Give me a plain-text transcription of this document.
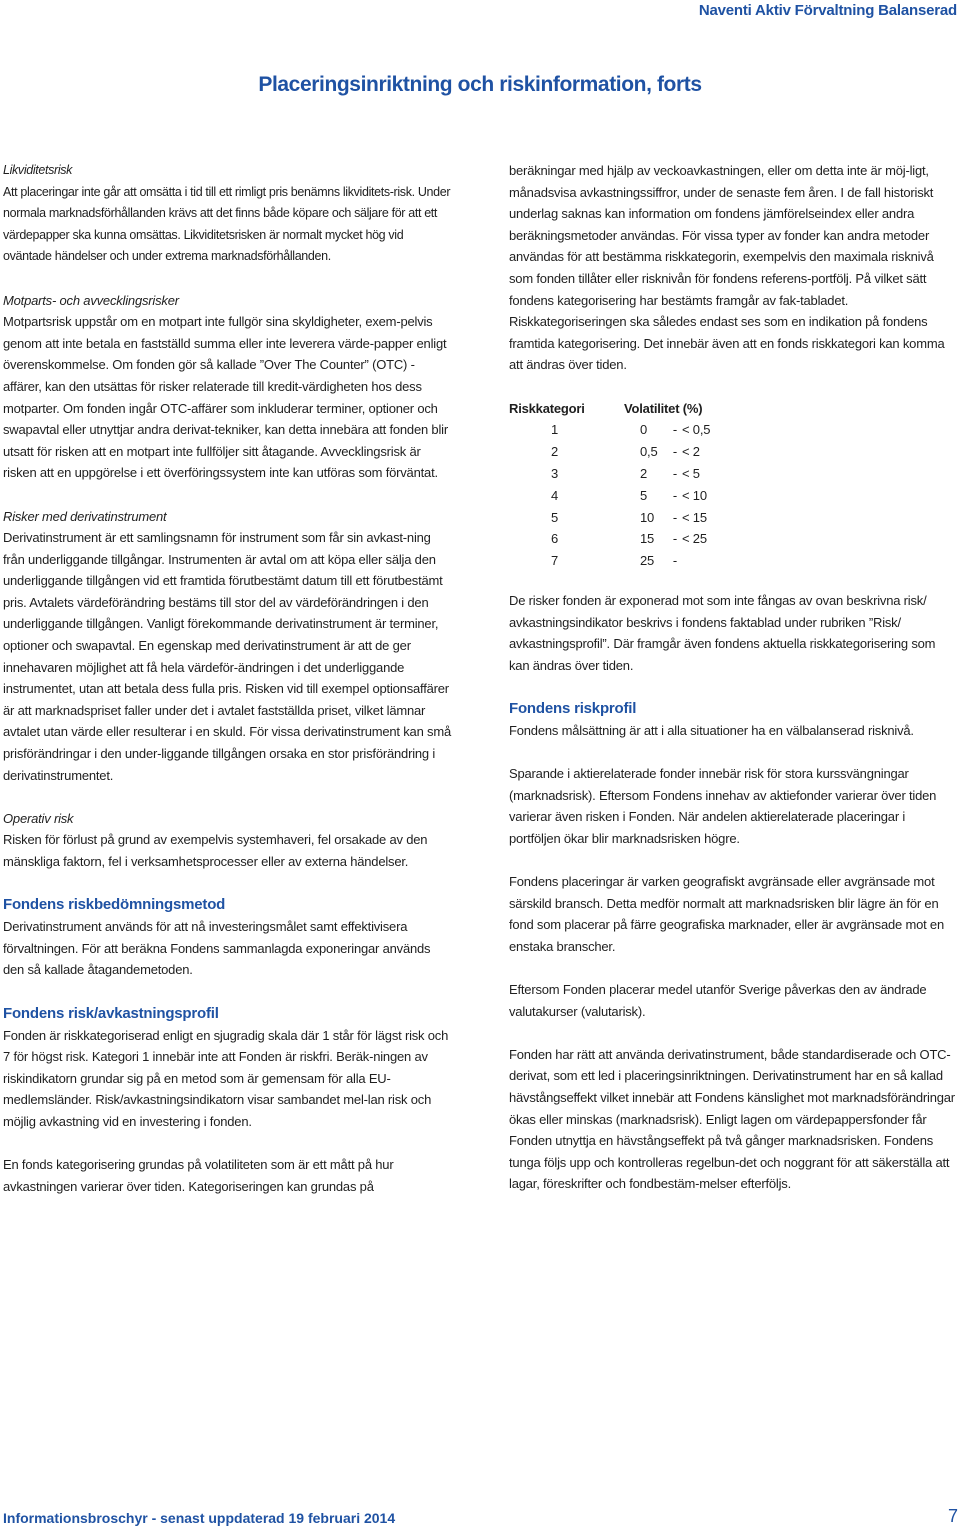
Naventi Aktiv Förvaltning Balanserad
Placeringsinriktning och riskinformation, forts
Likviditetsrisk
Att placeringar inte går att omsätta i tid till ett rimligt pris benämns likviditets-risk. Under normala marknadsförhållanden krävs att det finns både köpare och säljare för att ett värdepapper ska kunna omsättas. Likviditetsrisken är normalt mycket hög vid oväntade händelser och under extrema marknadsförhållanden.
Motparts- och avvecklingsrisker
Motpartsrisk uppstår om en motpart inte fullgör sina skyldigheter, exem-pelvis genom att inte betala en fastställd summa eller inte leverera värde-papper enligt överenskommelse. Om fonden gör så kallade ”Over The Counter” (OTC) -affärer, kan den utsättas för risker relaterade till kredit-värdigheten hos dess motparter. Om fonden ingår OTC-affärer som inkluderar terminer, optioner och swapavtal eller utnyttjar andra derivat-tekniker, kan detta innebära att fonden blir utsatt för risken att en motpart inte fullföljer sitt åtagande. Avvecklingsrisk är risken att en uppgörelse i ett överföringssystem inte kan utföras som förväntat.
Risker med derivatinstrument
Derivatinstrument är ett samlingsnamn för instrument som får sin avkast-ning från underliggande tillgångar. Instrumenten är avtal om att köpa eller sälja den underliggande tillgången vid ett framtida förutbestämt datum till ett förutbestämt pris. Avtalets värdeförändring bestäms till stor del av värdeförändringen i den underliggande tillgången. Vanligt förekommande derivatinstrument är terminer, optioner och swapavtal. En egenskap med derivatinstrument är att de ger innehavaren möjlighet att få hela värdeför-ändringen i det underliggande instrumentet, utan att betala dess fulla pris. Risken vid till exempel optionsaffärer är att marknadspriset faller under det i avtalet fastställda priset, vilket lämnar avtalet utan värde eller resulterar i en skuld. För vissa derivatinstrument kan små prisförändringar i den under-liggande tillgången orsaka en stor prisförändring i derivatinstrumentet.
Operativ risk
Risken för förlust på grund av exempelvis systemhaveri, fel orsakade av den mänskliga faktorn, fel i verksamhetsprocesser eller av externa händelser.
Fondens riskbedömningsmetod
Derivatinstrument används för att nå investeringsmålet samt effektivisera förvaltningen. För att beräkna Fondens sammanlagda exponeringar används den så kallade åtagandemetoden.
Fondens risk/avkastningsprofil
Fonden är riskkategoriserad enligt en sjugradig skala där 1 står för lägst risk och 7 för högst risk. Kategori 1 innebär inte att Fonden är riskfri. Beräk-ningen av riskindikatorn grundar sig på en metod som är gemensam för alla EU-medlemsländer. Risk/avkastningsindikatorn visar sambandet mel-lan risk och möjlig avkastning vid en investering i fonden.
En fonds kategorisering grundas på volatiliteten som är ett mått på hur avkastningen varierar över tiden. Kategoriseringen kan grundas på
beräkningar med hjälp av veckoavkastningen, eller om detta inte är möj-ligt, månadsvisa avkastningssiffror, under de senaste fem åren. I de fall historiskt underlag saknas kan information om fondens jämförelseindex eller andra beräkningsmetoder användas. För vissa typer av fonder kan andra metoder användas för att bestämma riskkategorin, exempelvis den maximala risknivå som fonden tillåter eller risknivån för fondens referens-portfölj. På vilket sätt fondens kategorisering har bestämts framgår av fak-tabladet. Riskkategoriseringen ska således endast ses som en indikation på fondens framtida kategorisering. Det innebär även att en fonds riskkategori kan komma att ändras över tiden.
Riskkategori	Volatilitet (%)		
1	0	-	< 0,5
2	0,5	-	< 2
3	2	-	< 5
4	5	-	< 10
5	10	-	< 15
6	15	-	< 25
7	25	-	
De risker fonden är exponerad mot som inte fångas av ovan beskrivna risk/ avkastningsindikator beskrivs i fondens faktablad under rubriken ”Risk/ avkastningsprofil”. Där framgår även fondens aktuella riskkategorisering som kan ändras över tiden.
Fondens riskprofil
Fondens målsättning är att i alla situationer ha en välbalanserad risknivå.
Sparande i aktierelaterade fonder innebär risk för stora kurssvängningar (marknadsrisk). Eftersom Fondens innehav av aktiefonder varierar över tiden varierar även risken i Fonden. När andelen aktierelaterade placeringar i portföljen ökar blir marknadsrisken högre.
Fondens placeringar är varken geografiskt avgränsade eller avgränsade mot särskild bransch. Detta medför normalt att marknadsrisken blir lägre än för en fond som placerar på färre geografiska marknader, eller är avgränsade mot en enstaka branscher.
Eftersom Fonden placerar medel utanför Sverige påverkas den av ändrade valutakurser (valutarisk).
Fonden har rätt att använda derivatinstrument, både standardiserade och OTC-derivat, som ett led i placeringsinriktningen. Derivatinstrument har en så kallad hävstångseffekt vilket innebär att Fondens känslighet mot marknadsförändringar ökas eller minskas (marknadsrisk). Enligt lagen om värdepappersfonder får Fonden utnyttja en hävstångseffekt på två gånger marknadsrisken. Fondens tunga följs upp och kontrolleras regelbun-det och noggrant för att säkerställa att lagar, föreskrifter och fondbestäm-melser efterföljs.
Informationsbroschyr - senast uppdaterad 19 februari 2014	7
